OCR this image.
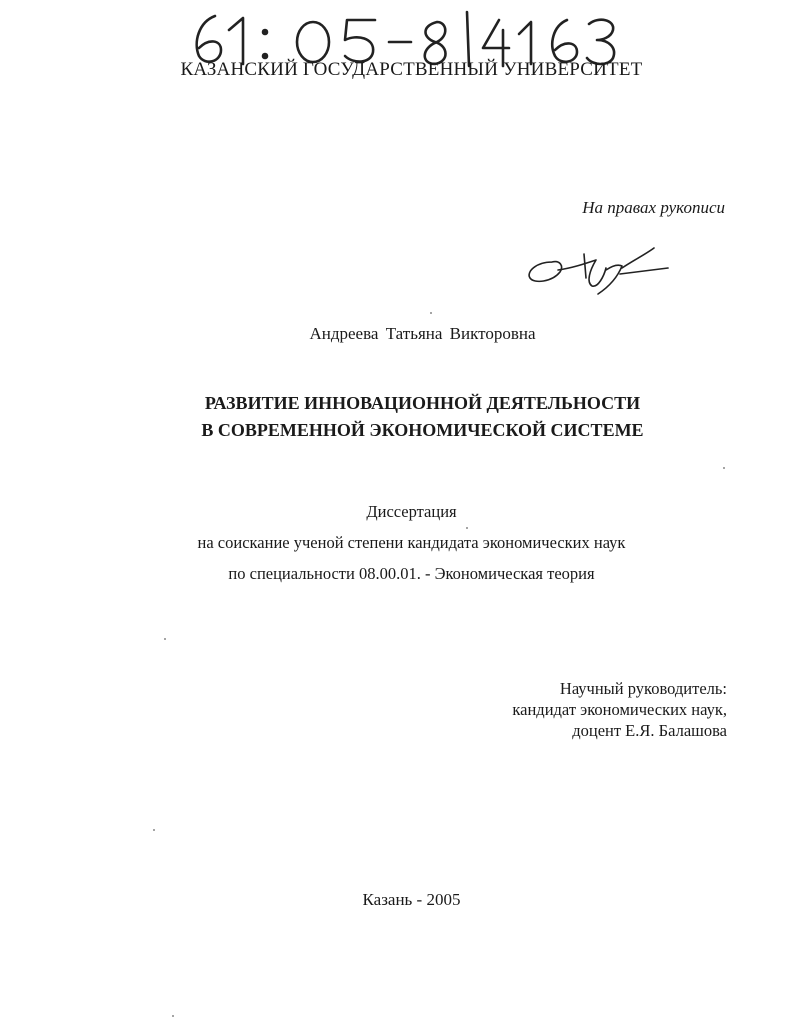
КАЗАНСКИЙ ГОСУДАРСТВЕННЫЙ УНИВЕРСИТЕТ
На правах рукописи
Андреева Татьяна Викторовна
РАЗВИТИЕ ИННОВАЦИОННОЙ ДЕЯТЕЛЬНОСТИ
В СОВРЕМЕННОЙ ЭКОНОМИЧЕСКОЙ СИСТЕМЕ
Диссертация
на соискание ученой степени кандидата экономических наук
по специальности 08.00.01. - Экономическая теория
Научный руководитель:
кандидат экономических наук,
доцент Е.Я. Балашова
Казань - 2005
